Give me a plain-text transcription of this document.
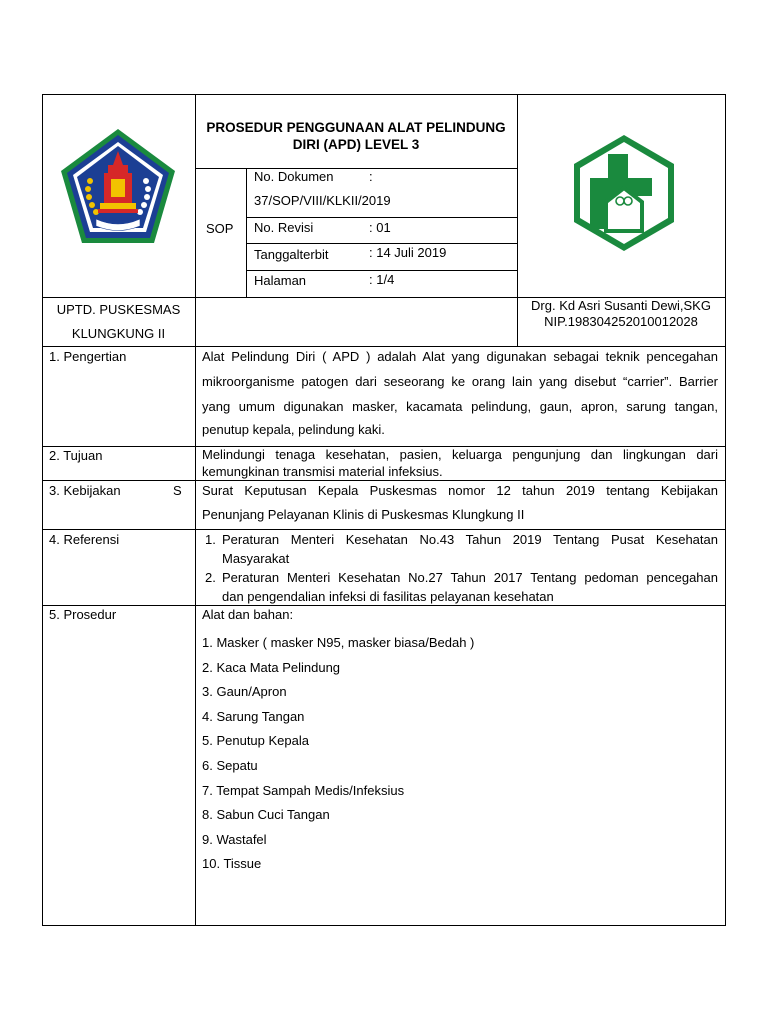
KLUNGKUNG
PROSEDUR PENGGUNAAN ALAT PELINDUNG
DIRI (APD) LEVEL 3
SOP
No. Dokumen	:
37/SOP/VIII/KLKII/2019
No. Revisi	: 01
Tanggalterbit	: 14 Juli 2019
Halaman	: 1/4
UPTD. PUSKESMAS
KLUNGKUNG II
Drg. Kd Asri Susanti Dewi,SKG
NIP.198304252010012028
1. Pengertian	Alat Pelindung Diri ( APD ) adalah Alat yang digunakan sebagai teknik pencegahan
mikroorganisme patogen dari seseorang ke orang lain yang disebut “carrier”. Barrier
yang umum digunakan masker, kacamata pelindung, gaun, apron, sarung tangan,
penutup kepala, pelindung kaki.
2. Tujuan	Melindungi tenaga kesehatan, pasien, keluarga pengunjung dan lingkungan dari
kemungkinan transmisi material infeksius.
3. Kebijakan	S Surat Keputusan Kepala Puskesmas nomor 12 tahun 2019 tentang Kebijakan
Penunjang Pelayanan Klinis di Puskesmas Klungkung II
4. Referensi	1. Peraturan Menteri Kesehatan No.43 Tahun 2019 Tentang Pusat Kesehatan
Masyarakat
2. Peraturan Menteri Kesehatan No.27 Tahun 2017 Tentang pedoman pencegahan
dan pengendalian infeksi di fasilitas pelayanan kesehatan
5. Prosedur	Alat dan bahan:
1. Masker ( masker N95, masker biasa/Bedah )
2. Kaca Mata Pelindung
3. Gaun/Apron
4. Sarung Tangan
5. Penutup Kepala
6. Sepatu
7. Tempat Sampah Medis/Infeksius
8. Sabun Cuci Tangan
9. Wastafel
10. Tissue
